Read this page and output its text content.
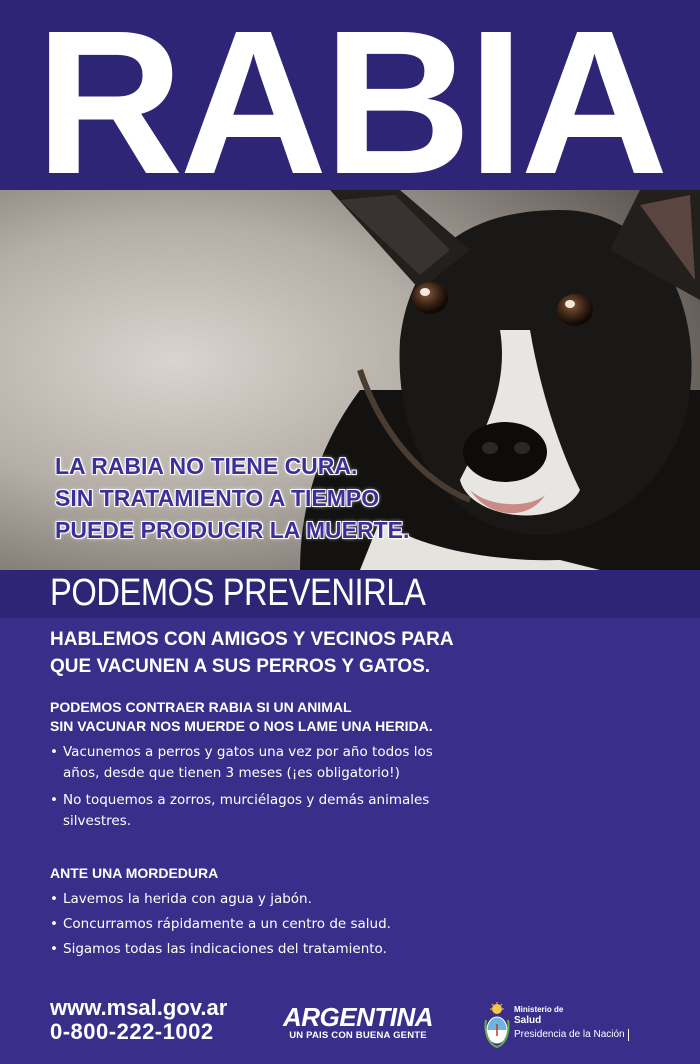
RABIA
LA RABIA NO TIENE CURA.
SIN TRATAMIENTO A TIEMPO
PUEDE PRODUCIR LA MUERTE.
PODEMOS PREVENIRLA

HABLEMOS CON AMIGOS Y VECINOS PARA
QUE VACUNEN A SUS PERROS Y GATOS.

PODEMOS CONTRAER RABIA SI UN ANIMAL
SIN VACUNAR NOS MUERDE O NOS LAME UNA HERIDA.
• Vacunemos a perros y gatos una vez por año todos los
años, desde que tienen 3 meses (¡es obligatorio!)
• No toquemos a zorros, murciélagos y demás animales
silvestres.
ANTE UNA MORDEDURA
• Lavemos la herida con agua y jabón.
• Concurramos rápidamente a un centro de salud.
• Sigamos todas las indicaciones del tratamiento.

www.msal.gov.ar

0-800-222-1002	ARGENTINA
UN PAIS CON BUENA GENTE
Ministerio de
Salud
Presidencia de la Nación
